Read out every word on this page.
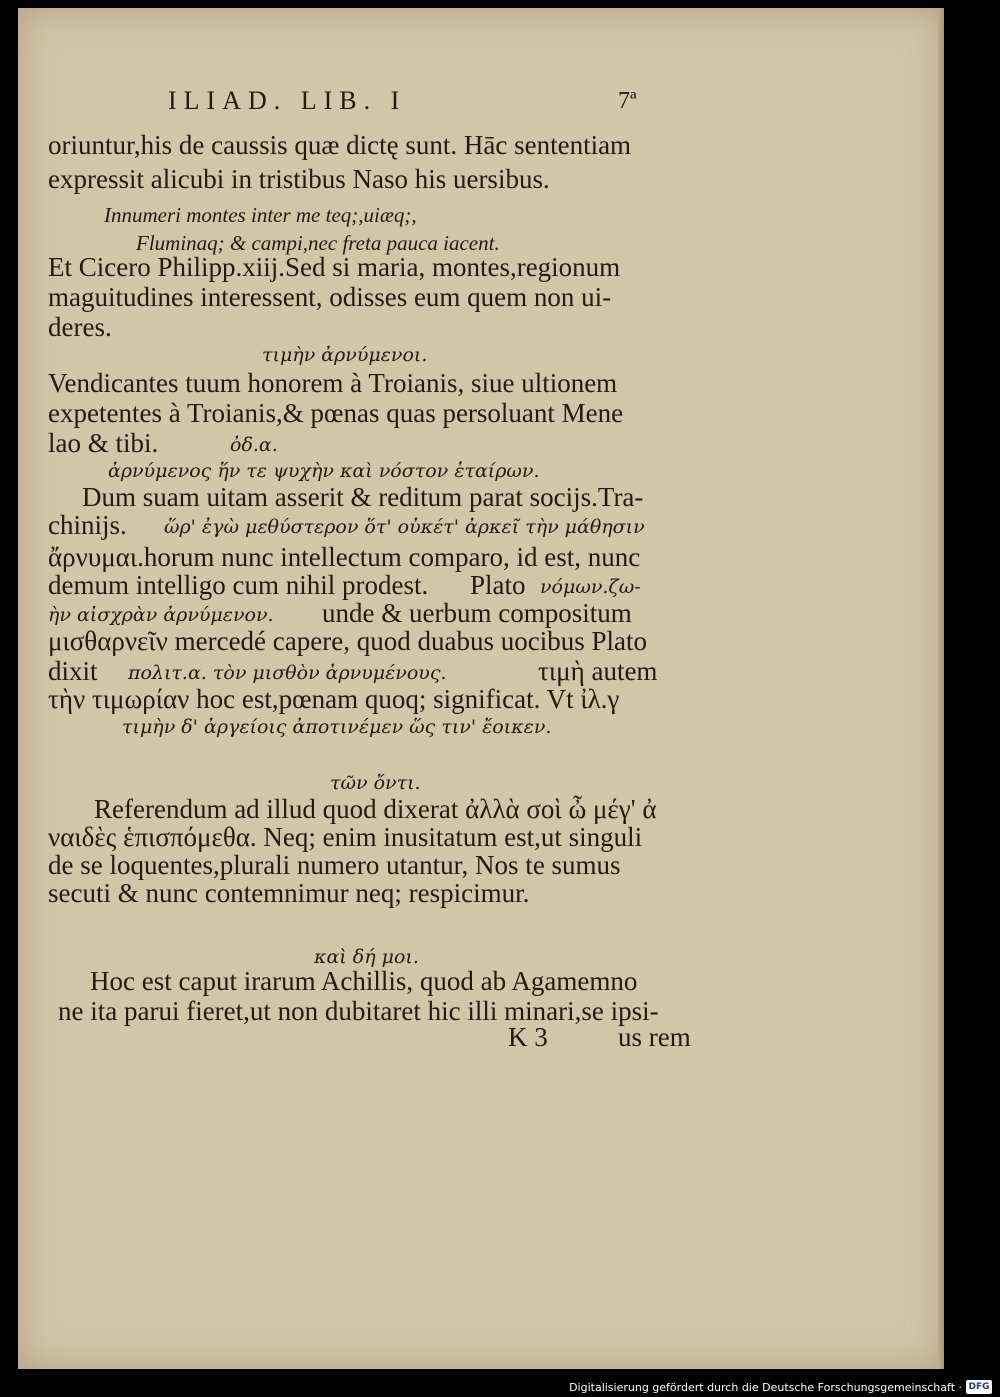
ILIAD. LIB. I	7ª
oriuntur,his de caussis quæ dictę sunt. Hāc sententiam
expressit alicubi in tristibus Naso his uersibus.
Innumeri montes inter me teq;,uiæq;,
Fluminaq; & campi,nec freta pauca iacent.
Et Cicero Philipp.xiij.Sed si maria, montes,regionum
maguitudines interessent, odisses eum quem non ui-
deres.
τιμὴν ἀρνύμενοι.
Vendicantes tuum honorem à Troianis, siue ultionem
expetentes à Troianis,& pœnas quas persoluant Mene
lao & tibi.	ὀδ.α.
ἀρνύμενος ἥν τε ψυχὴν καὶ νόστον ἑταίρων.
Dum suam uitam asserit & reditum parat socijs.Tra-
chinijs. ὥρ' ἐγὼ μεθύστερον ὅτ' οὐκέτ' ἀρκεῖ τὴν μάθησιν
ἄρνυμαι.horum nunc intellectum comparo, id est, nunc
demum intelligo cum nihil prodest. Plato νόμων.ζω-
ὴν αἰσχρὰν ἀρνύμενον. unde & uerbum compositum
μισθαρνεῖν mercedé capere, quod duabus uocibus Plato
dixit πολιτ.α. τὸν μισθὸν ἀρνυμένους.	τιμὴ autem
τὴν τιμωρίαν hoc est,pœnam quoq; significat. Vt ἰλ.γ
τιμὴν δ' ἀργείοις ἀποτινέμεν ὥς τιν' ἔοικεν.
τῶν ὄντι.
Referendum ad illud quod dixerat ἀλλὰ σοὶ ὦ μέγ' ἀ
ναιδὲς ἑπισπόμεθα. Neq; enim inusitatum est,ut singuli
de se loquentes,plurali numero utantur, Nos te sumus
secuti & nunc contemnimur neq; respicimur.
καὶ δή μοι.
Hoc est caput irarum Achillis, quod ab Agamemno
ne ita parui fieret,ut non dubitaret hic illi minari,se ipsi-
K 3	us rem
Digitalisierung gefördert durch die Deutsche Forschungsgemeinschaft · DFG
